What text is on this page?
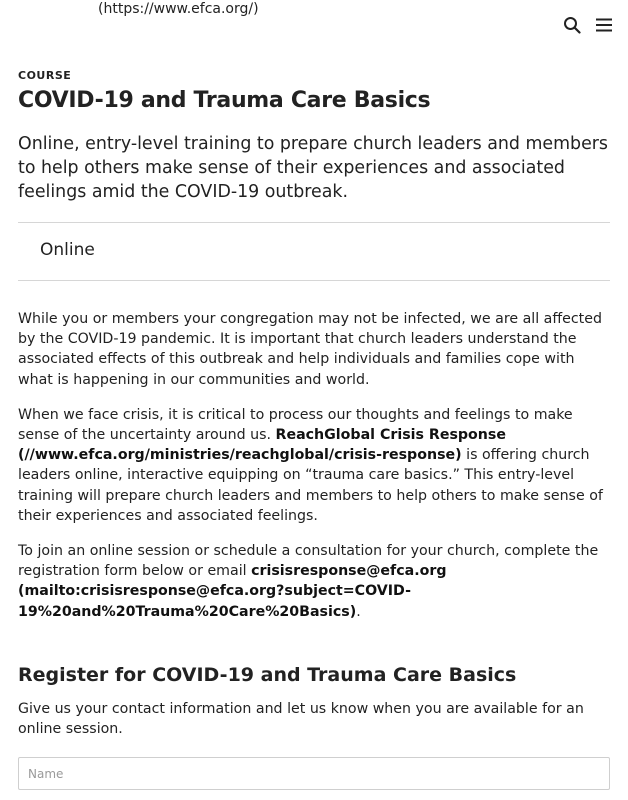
(https://www.efca.org/)
COURSE
COVID-19 and Trauma Care Basics

Online, entry-level training to prepare church leaders and members to help others make sense of their experiences and associated feelings amid the COVID-19 outbreak.

Online

While you or members your congregation may not be infected, we are all affected by the COVID-19 pandemic. It is important that church leaders understand the associated effects of this outbreak and help individuals and families cope with what is happening in our communities and world.

When we face crisis, it is critical to process our thoughts and feelings to make sense of the uncertainty around us. ReachGlobal Crisis Response (//www.efca.org/ministries/reachglobal/crisis-response) is offering church leaders online, interactive equipping on “trauma care basics.” This entry-level training will prepare church leaders and members to help others to make sense of their experiences and associated feelings.

To join an online session or schedule a consultation for your church, complete the registration form below or email crisisresponse@efca.org (mailto:crisisresponse@efca.org?subject=COVID-19%20and%20Trauma%20Care%20Basics).

Register for COVID-19 and Trauma Care Basics

Give us your contact information and let us know when you are available for an online session.

Name
